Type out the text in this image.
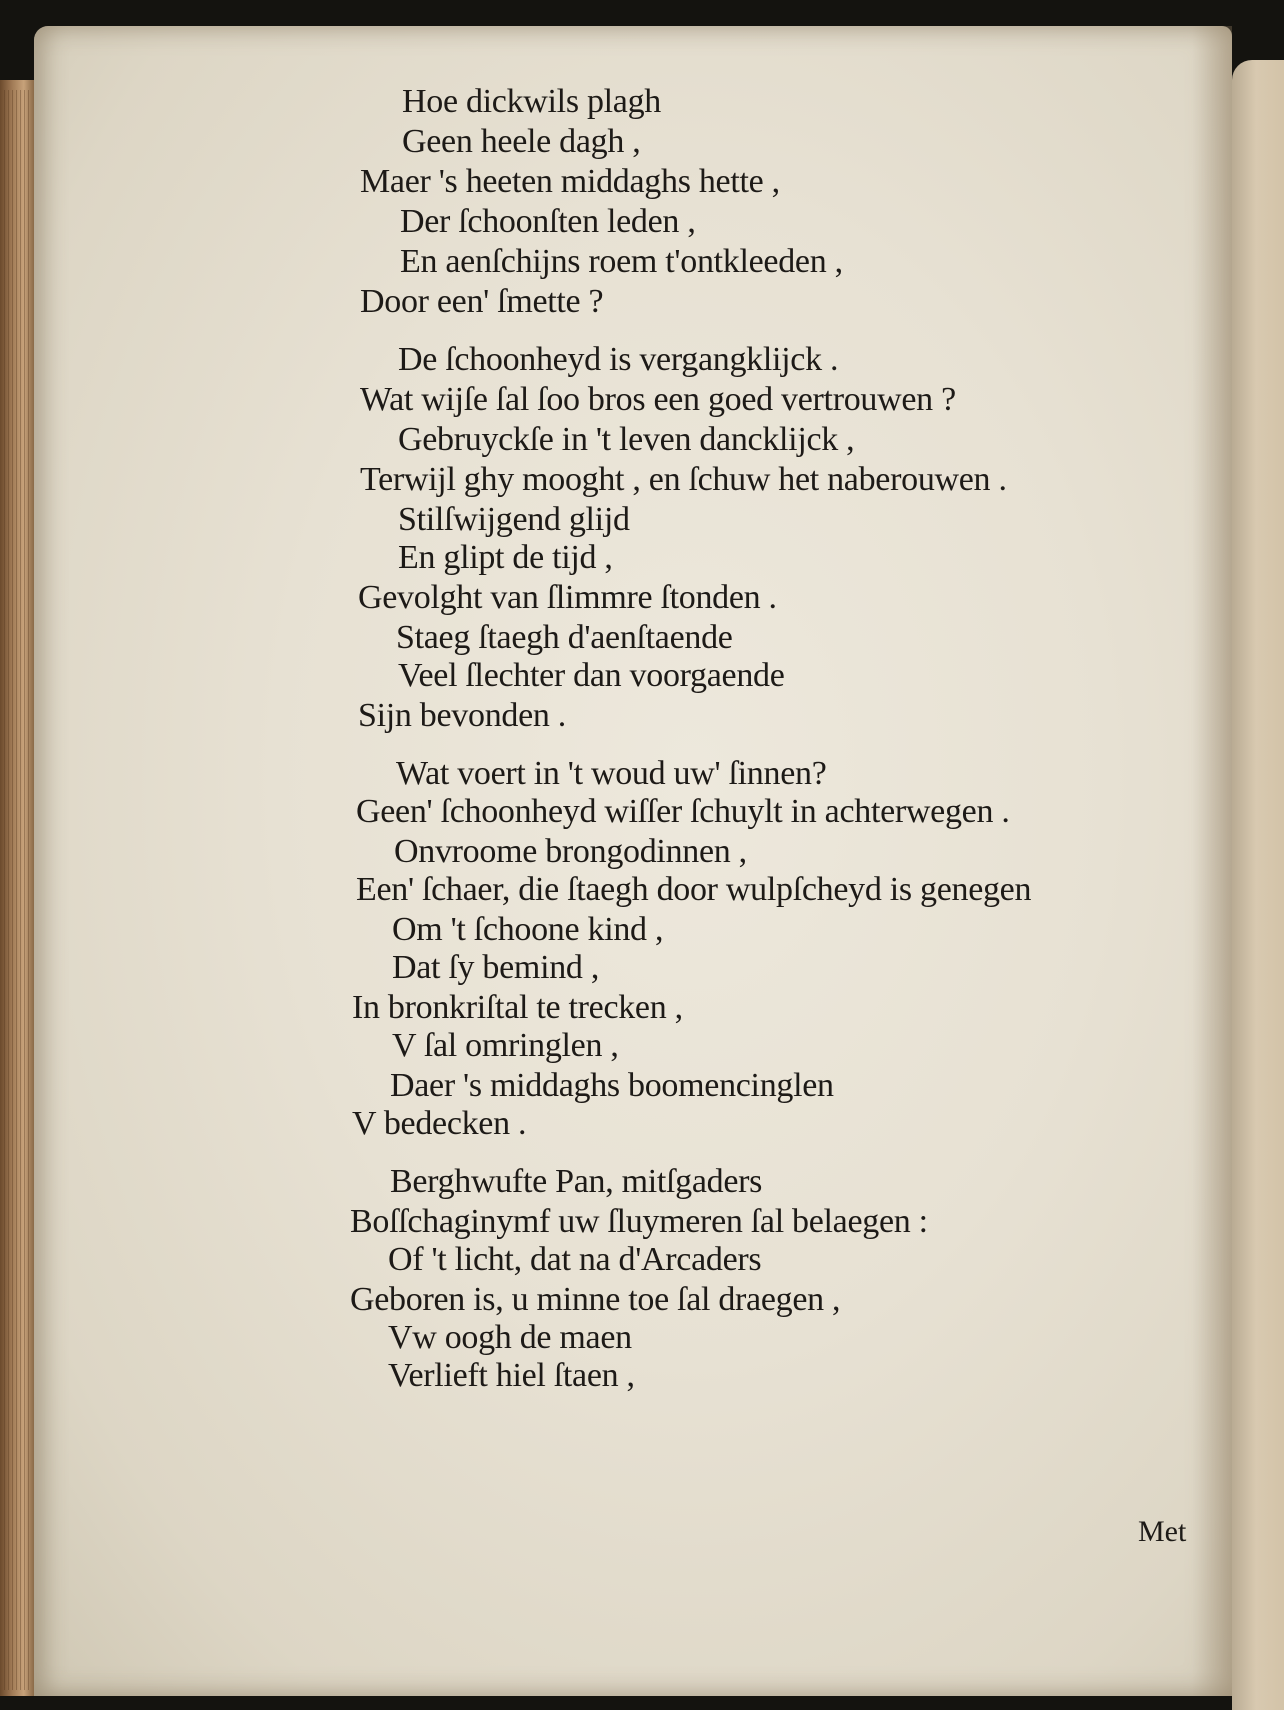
Hoe dickwils plagh

Geen heele dagh ,

Maer 's heeten middaghs hette ,

Der ſchoonſten leden ,

En aenſchijns roem t'ontkleeden ,

Door een' ſmette ?

De ſchoonheyd is vergangklijck .

Wat wijſe ſal ſoo bros een goed vertrouwen ?

Gebruyckſe in 't leven dancklijck ,

Terwijl ghy mooght , en ſchuw het naberouwen .

Stilſwijgend glijd

En glipt de tijd ,

Gevolght van ſlimmre ſtonden .

Staeg ſtaegh d'aenſtaende

Veel ſlechter dan voorgaende

Sijn bevonden .

Wat voert in 't woud uw' ſinnen?

Geen' ſchoonheyd wiſſer ſchuylt in achterwegen .

Onvroome brongodinnen ,

Een' ſchaer, die ſtaegh door wulpſcheyd is genegen

Om 't ſchoone kind ,

Dat ſy bemind ,

In bronkriſtal te trecken ,

V ſal omringlen ,

Daer 's middaghs boomencinglen

V bedecken .

Berghwufte Pan, mitſgaders

Boſſchaginymf uw ſluymeren ſal belaegen :

Of 't licht, dat na d'Arcaders

Geboren is, u minne toe ſal draegen ,

Vw oogh de maen

Verlieft hiel ſtaen ,

Met
